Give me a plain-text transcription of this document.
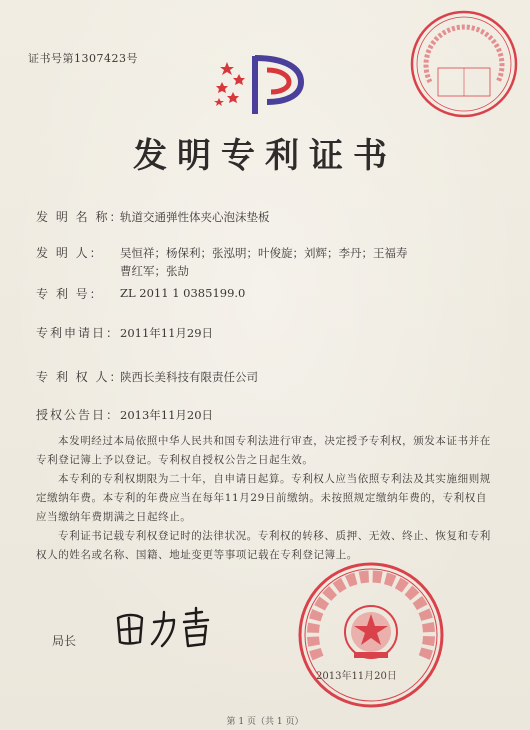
证书号第1307423号
发明专利证书
发 明 名 称：
轨道交通弹性体夹心泡沫垫板
发 明 人： 吴恒祥；杨保利；张泓明；叶俊旋；刘辉；李丹；王福寿
曹红军；张劼
专 利 号： ZL 2011 1 0385199.0
专利申请日： 2011年11月29日
专 利 权 人：
陕西长美科技有限责任公司
授权公告日： 2013年11月20日
本发明经过本局依照中华人民共和国专利法进行审查，决定授予专利权，颁发本证书并在专利登记簿上予以登记。专利权自授权公告之日起生效。
本专利的专利权期限为二十年，自申请日起算。专利权人应当依照专利法及其实施细则规定缴纳年费。本专利的年费应当在每年11月29日前缴纳。未按照规定缴纳年费的，专利权自应当缴纳年费期满之日起终止。
专利证书记载专利权登记时的法律状况。专利权的转移、质押、无效、终止、恢复和专利权人的姓名或名称、国籍、地址变更等事项记载在专利登记簿上。
局长
2013年11月20日
第 1 页（共 1 页）
